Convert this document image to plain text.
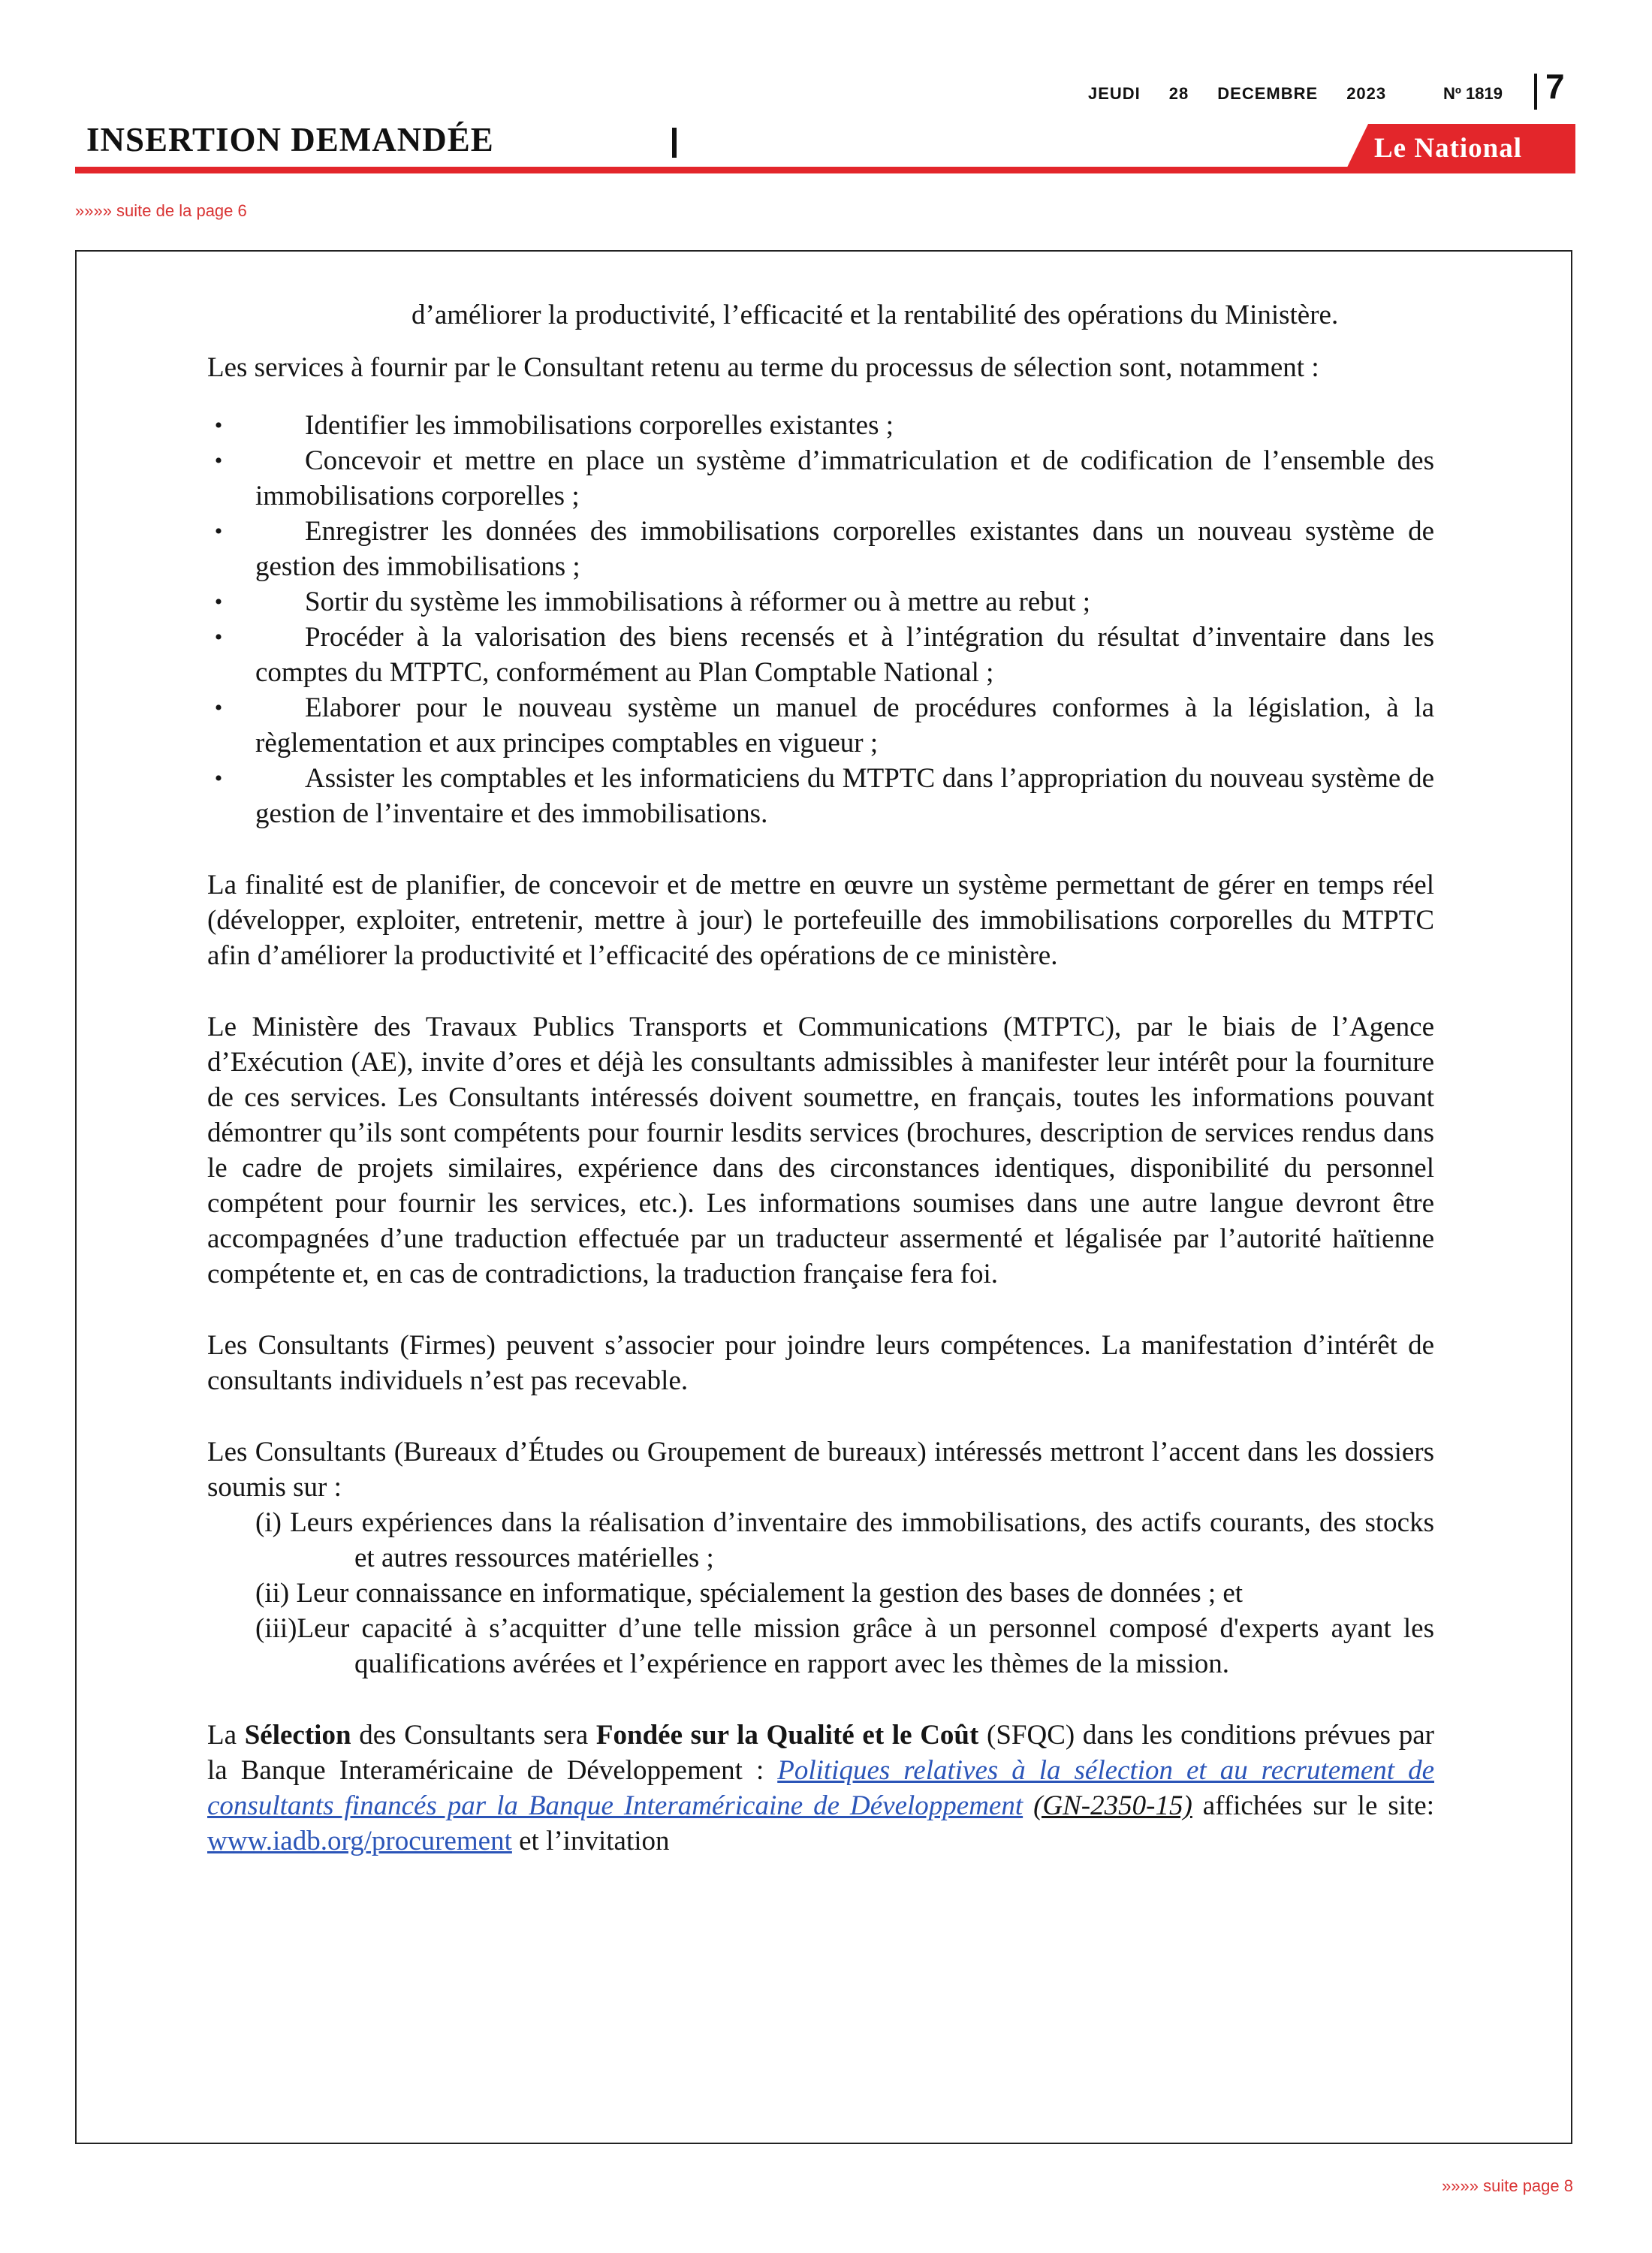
JEUDI 28 DECEMBRE 2023	Nº 1819 7
INSERTION DEMANDÉE	Le National
»»»» suite de la page 6

d’améliorer la productivité, l’efficacité et la rentabilité des opérations du Ministère.

Les services à fournir par le Consultant retenu au terme du processus de sélection sont, notamment :

•	Identifier les immobilisations corporelles existantes ;
•	Concevoir et mettre en place un système d’immatriculation et de codification de l’ensemble des immobilisations corporelles ;
•	Enregistrer les données des immobilisations corporelles existantes dans un nouveau système de gestion des immobilisations ;
•	Sortir du système les immobilisations à réformer ou à mettre au rebut ;
•	Procéder à la valorisation des biens recensés et à l’intégration du résultat d’inventaire dans les comptes du MTPTC, conformément au Plan Comptable National ;
•	Elaborer pour le nouveau système un manuel de procédures conformes à la législation, à la règlementation et aux principes comptables en vigueur ;
•	Assister les comptables et les informaticiens du MTPTC dans l’appropriation du nouveau système de gestion de l’inventaire et des immobilisations.

La finalité est de planifier, de concevoir et de mettre en œuvre un système permettant de gérer en temps réel (développer, exploiter, entretenir, mettre à jour) le portefeuille des immobilisations corporelles du MTPTC afin d’améliorer la productivité et l’efficacité des opérations de ce ministère.

Le Ministère des Travaux Publics Transports et Communications (MTPTC), par le biais de l’Agence d’Exécution (AE), invite d’ores et déjà les consultants admissibles à manifester leur intérêt pour la fourniture de ces services. Les Consultants intéressés doivent soumettre, en français, toutes les informations pouvant démontrer qu’ils sont compétents pour fournir lesdits services (brochures, description de services rendus dans le cadre de projets similaires, expérience dans des circonstances identiques, disponibilité du personnel compétent pour fournir les services, etc.). Les informations soumises dans une autre langue devront être accompagnées d’une traduction effectuée par un traducteur assermenté et légalisée par l’autorité haïtienne compétente et, en cas de contradictions, la traduction française fera foi.

Les Consultants (Firmes) peuvent s’associer pour joindre leurs compétences. La manifestation d’intérêt de consultants individuels n’est pas recevable.

Les Consultants (Bureaux d’Études ou Groupement de bureaux) intéressés mettront l’accent dans les dossiers soumis sur :

(i) Leurs expériences dans la réalisation d’inventaire des immobilisations, des actifs courants, des stocks et autres ressources matérielles ;
(ii) Leur connaissance en informatique, spécialement la gestion des bases de données ; et
(iii)Leur capacité à s’acquitter d’une telle mission grâce à un personnel composé d'experts ayant les qualifications avérées et l’expérience en rapport avec les thèmes de la mission.

La Sélection des Consultants sera Fondée sur la Qualité et le Coût (SFQC) dans les conditions prévues par la Banque Interaméricaine de Développement : Politiques relatives à la sélection et au recrutement de consultants financés par la Banque Interaméricaine de Développement (GN-2350-15) affichées sur le site: www.iadb.org/procurement et l’invitation

»»»» suite page 8
